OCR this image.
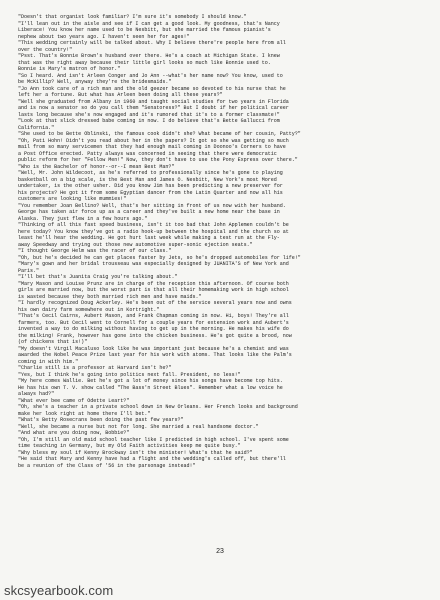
"Doesn't that organist look familiar? I'm sure it's somebody I should know."

"I'll lean out in the aisle and see if I can get a good look. My goodness, that's Nancy

Liberace! You know her name used to be Nesbitt, but she married the famous pianist's

nephew about two years ago. I haven't seen her for ages!"

"This wedding certainly will be talked about. Why I believe there're people here from all

over the country!"

"Psst. That's Bonnie Brown's husband over there. He's a coach at Michigan State. I knew

that was the right away because their little girl looks so much like Bonnie used to.

Bonnie is Mary's matron of honor."

"So I heard. And isn't Arleen Conger and Jo Ann --what's her name now? You know, used to

be McKillip? Well, anyway they're the bridesmaids."

"Jo Ann took care of a rich man and the old geezer became so devoted to his nurse that he

left her a fortune. But what has Arleen been doing all these years?"

"Well she graduated from Albany in 1960 and taught social studies for two years in Florida

and is now a senator so do you call them "Senatoress?" But I doubt if her political career

lasts long because she's now engaged and it's rumored that it's to a former classmate!"

"Look at that slick dressed babe coming in now. I do believe that's Bette Gallucci from

California."

"She used to be Bette Oblinski, the famous cook didn't she? What became of her cousin, Patty?"

"Oh, Pati Hohn! Didn't you read about her in the papers? It got so she was getting so much

mail from so many servicemen that they had enough mail coming in Doonoo's Corners to have

a Post Office erected. Patty always was concerned in seeing that there were democratic

public reform for her "Fellow Men!" Now, they don't have to use the Pony Express over there."

"Who is the Bachelor of honor--or--I mean Best Man?"

"Well, Mr. John Wildecoot, as he's referred to professionally since he's gone to playing

basketball on a big scale, is the Best Man and James O. Nesbitt, New York's most Mored

undertaker, is the other usher. Did you know Jim has been predicting a new preserver for

his projects? He got it from some Egyptian dancer from the Latin Quarter and now all his

customers are looking like mummies!"

"You remember Joan Bellino? Well, that's her sitting in front of us now with her husband.

George has taken air force up as a career and they've built a new home near the base in

Alaska. They just flew in a few hours ago."

"Thinking of all this fast speed business, isn't it too bad that John Applemen couldn't be

here today? You know they've got a radio hook-up between the hospital and the church so at

least he'll hear the wedding. He got hurt last week while making a test run at the Fly-

away Speedway and trying out those new automotive super-sonic ejection seats."

"I thought George Helm was the racer of our class."

"Oh, but he's decided he can get places faster by Jets, so he's dropped automobiles for life!"

"Mary's gown and her bridal trousseau was especially designed by JUANITA'S of New York and

Paris."

"I'll bet that's Juanita Craig you're talking about."

"Mary Mason and Louise Prunz are in charge of the reception this afternoon. Of course both

girls are married now, but the worst part is that all their homemaking work in high school

is wasted because they both married rich men and have maids."

"I hardly recognized Doug Ackerley. He's been out of the service several years now and owns

his own dairy farm somewhere out in Kortright."

"That's Cecil Cairns, Aubert Mason, and Frank Chapman coming in now. Hi, boys! They're all

farmers, too. But Cecil went to Cornell for a couple years for extension work and Aubert's

invented a way to do milking without having to get up in the morning. He makes his wife do

the milking! Frank, however has gone into the chicken business. He's got quite a brood, now

(of chickens that is!)"

"My doesn't Virgil Macaluso look like he was important just because he's a chemist and was

awarded the Nobel Peace Prize last year for his work with atoms. That looks like the Palm's

coming in with him."

"Charlie still is a professor at Harvard isn't he?"

"Yes, but I think he's going into politics next fall. President, no less!"

"My here comes Wallie. Bet he's got a lot of money since his songs have become top hits.

He has his own T. V. show called "The Bass'n Street Blues". Remember what a low voice he

always had?"

"What ever bee came of Odette Leart?"

"Oh, she's a teacher in a private school down in New Orleans. Her French looks and background

make her look right at home there I'll bet."

"What's Betty Rosecrans been doing the past few years?"

"Well, she became a nurse but not for long. She married a real handsome doctor."

"And what are you doing now, Bobbie?"

"Oh, I'm still an old maid school teacher like I predicted in high school. I've spent some

time teaching in Germany, but my Old Faith activities keep me quite busy."

"Why bless my soul if Kenny Brockway isn't the minister! What's that he said?"

"He said that Mary and Kenny have had a flight and the wedding's called off, but there'll

be a reunion of the Class of '56 in the parsonage instead!"

23
skcsyearbook.com
